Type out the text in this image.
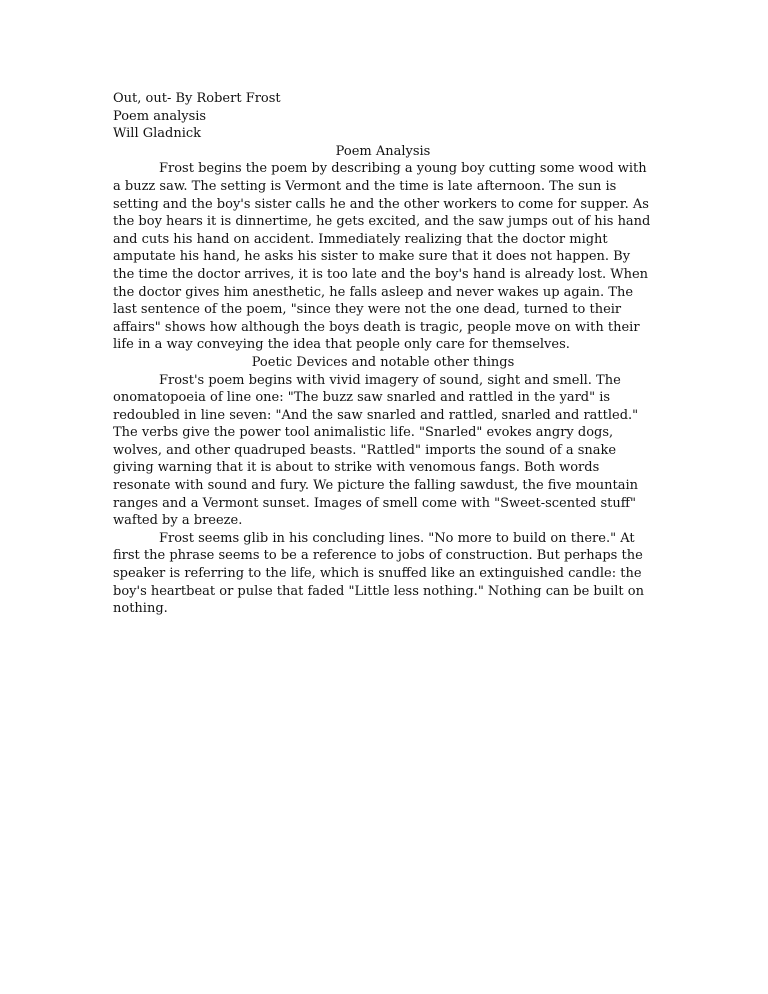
Out, out- By Robert Frost

Poem analysis

Will Gladnick

Poem Analysis

Frost begins the poem by describing a young boy cutting some wood with a buzz saw. The setting is Vermont and the time is late afternoon. The sun is setting and the boy's sister calls he and the other workers to come for supper. As the boy hears it is dinnertime, he gets excited, and the saw jumps out of his hand and cuts his hand on accident. Immediately realizing that the doctor might amputate his hand, he asks his sister to make sure that it does not happen. By the time the doctor arrives, it is too late and the boy's hand is already lost. When the doctor gives him anesthetic, he falls asleep and never wakes up again. The last sentence of the poem, "since they were not the one dead, turned to their affairs" shows how although the boys death is tragic, people move on with their life in a way conveying the idea that people only care for themselves.

Poetic Devices and notable other things

Frost's poem begins with vivid imagery of sound, sight and smell. The onomatopoeia of line one: "The buzz saw snarled and rattled in the yard" is redoubled in line seven: "And the saw snarled and rattled, snarled and rattled." The verbs give the power tool animalistic life. "Snarled" evokes angry dogs, wolves, and other quadruped beasts. "Rattled" imports the sound of a snake giving warning that it is about to strike with venomous fangs. Both words resonate with sound and fury. We picture the falling sawdust, the five mountain ranges and a Vermont sunset. Images of smell come with "Sweet-scented stuff" wafted by a breeze.

Frost seems glib in his concluding lines. "No more to build on there." At first the phrase seems to be a reference to jobs of construction. But perhaps the speaker is referring to the life, which is snuffed like an extinguished candle: the boy's heartbeat or pulse that faded "Little less nothing." Nothing can be built on nothing.
